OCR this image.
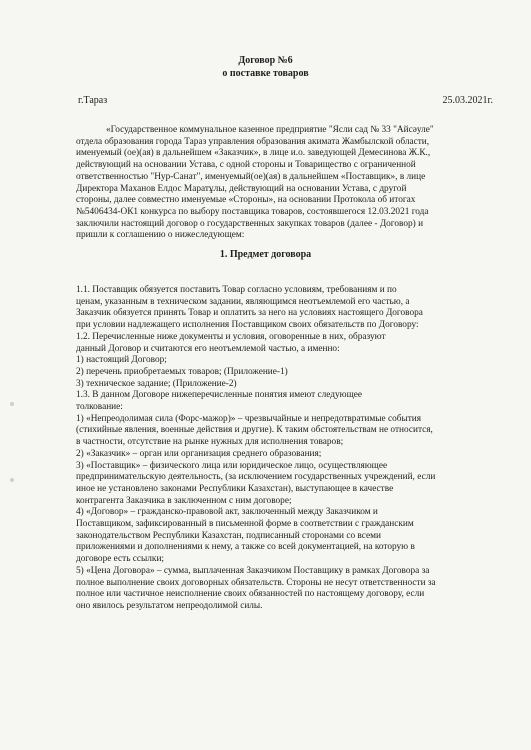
Договор №6
о поставке товаров
г.Тараз	25.03.2021г.
«Государственное коммунальное казенное предприятие "Ясли сад № 33 "Айсәуле"
отдела образования города Тараз управления образования акимата Жамбылской области,
именуемый (ое)(ая) в дальнейшем «Заказчик», в лице и.о. заведующей Демесинова Ж.К.,
действующий на основании Устава, с одной стороны и Товарищество с ограниченной
ответственностью "Нур-Санат", именуемый(ое)(ая) в дальнейшем «Поставщик», в лице
Директора Маханов Елдос Маратұлы, действующий на основании Устава, с другой
стороны, далее совместно именуемые «Стороны», на основании Протокола об итогах
№5406434-ОК1 конкурса по выбору поставщика товаров, состоявшегося 12.03.2021 года
заключили настоящий договор о государственных закупках товаров (далее - Договор) и
пришли к соглашению о нижеследующем:
1. Предмет договора
1.1. Поставщик обязуется поставить Товар согласно условиям, требованиям и по
ценам, указанным в техническом задании, являющимся неотъемлемой его частью, а
Заказчик обязуется принять Товар и оплатить за него на условиях настоящего Договора
при условии надлежащего исполнения Поставщиком своих обязательств по Договору:
1.2. Перечисленные ниже документы и условия, оговоренные в них, образуют
данный Договор и считаются его неотъемлемой частью, а именно:
1) настоящий Договор;
2) перечень приобретаемых товаров; (Приложение-1)
3) техническое задание; (Приложение-2)
1.3. В данном Договоре нижеперечисленные понятия имеют следующее
толкование:
1) «Непреодолимая сила (Форс-мажор)» – чрезвычайные и непредотвратимые события
(стихийные явления, военные действия и другие). К таким обстоятельствам не относится,
в частности, отсутствие на рынке нужных для исполнения товаров;
2) «Заказчик» – орган или организация среднего образования;
3) «Поставщик» – физического лица или юридическое лицо, осуществляющее
предпринимательскую деятельность, (за исключением государственных учреждений, если
иное не установлено законами Республики Казахстан), выступающее в качестве
контрагента Заказчика в заключенном с ним договоре;
4) «Договор» – гражданско-правовой акт, заключенный между Заказчиком и
Поставщиком, зафиксированный в письменной форме в соответствии с гражданским
законодательством Республики Казахстан, подписанный сторонами со всеми
приложениями и дополнениями к нему, а также со всей документацией, на которую в
договоре есть ссылки;
5) «Цена Договора» – сумма, выплаченная Заказчиком Поставщику в рамках Договора за
полное выполнение своих договорных обязательств. Стороны не несут ответственности за
полное или частичное неисполнение своих обязанностей по настоящему договору, если
оно явилось результатом непреодолимой силы.
